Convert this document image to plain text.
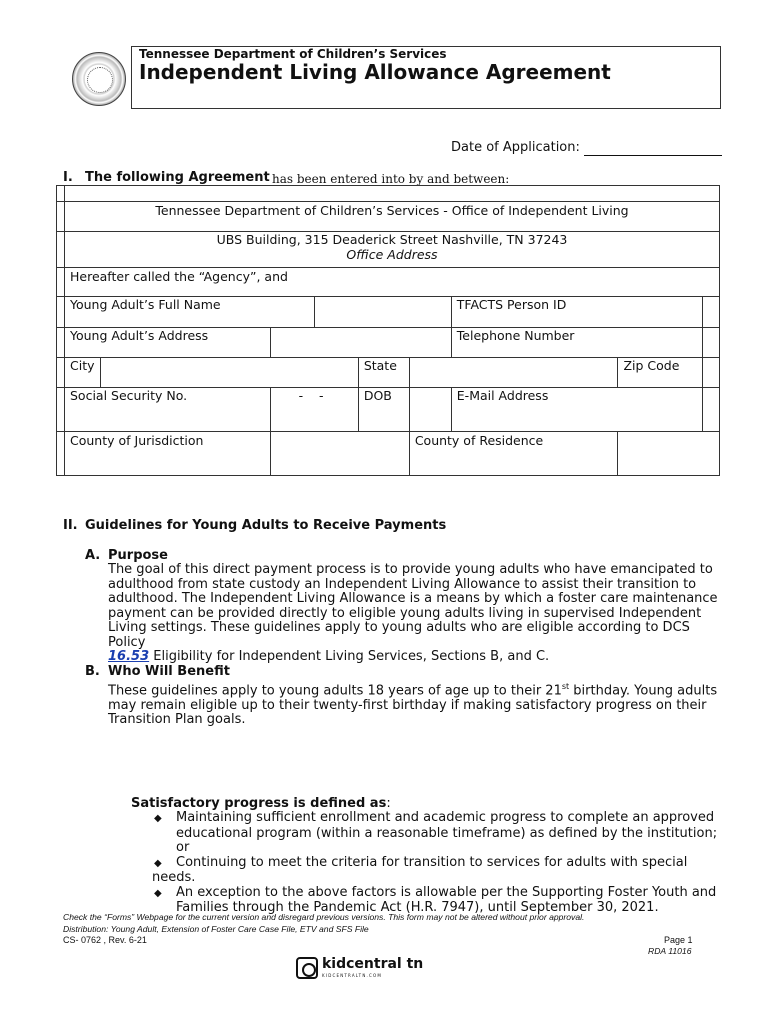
Tennessee Department of Children’s Services
Independent Living Allowance Agreement
Date of Application:
I. The following Agreement has been entered into by and between:

	Tennessee Department of Children’s Services - Office of Independent Living								

	UBS Building, 315 Deaderick Street Nashville, TN 37243
Office Address								

	Hereafter called the “Agency”, and								
	Young Adult’s Full Name						TFACTS Person ID		
	Young Adult’s Address						Telephone Number		
	City				State			Zip Code	
	Social Security No.		-    -		DOB		E-Mail Address		
	County of Jurisdiction					County of Residence			
II. Guidelines for Young Adults to Receive Payments
A. Purpose
The goal of this direct payment process is to provide young adults who have emancipated to
adulthood from state custody an Independent Living Allowance to assist their transition to
adulthood. The Independent Living Allowance is a means by which a foster care maintenance
payment can be provided directly to eligible young adults living in supervised Independent
Living settings. These guidelines apply to young adults who are eligible according to DCS Policy
16.53 Eligibility for Independent Living Services, Sections B, and C.
B. Who Will Benefit
These guidelines apply to young adults 18 years of age up to their 21st birthday. Young adults
may remain eligible up to their twenty-first birthday if making satisfactory progress on their
Transition Plan goals.
Satisfactory progress is defined as:
◆ Maintaining sufficient enrollment and academic progress to complete an approved
educational program (within a reasonable timeframe) as defined by the institution; or
◆ Continuing to meet the criteria for transition to services for adults with special needs.
◆ An exception to the above factors is allowable per the Supporting Foster Youth and
Families through the Pandemic Act (H.R. 7947), until September 30, 2021.
Check the “Forms” Webpage for the current version and disregard previous versions. This form may not be altered without prior approval.
Distribution: Young Adult, Extension of Foster Care Case File, ETV and SFS File
CS- 0762 , Rev. 6-21	Page 1
RDA 11016
kidcentral tn
KIDCENTRALTN.COM
